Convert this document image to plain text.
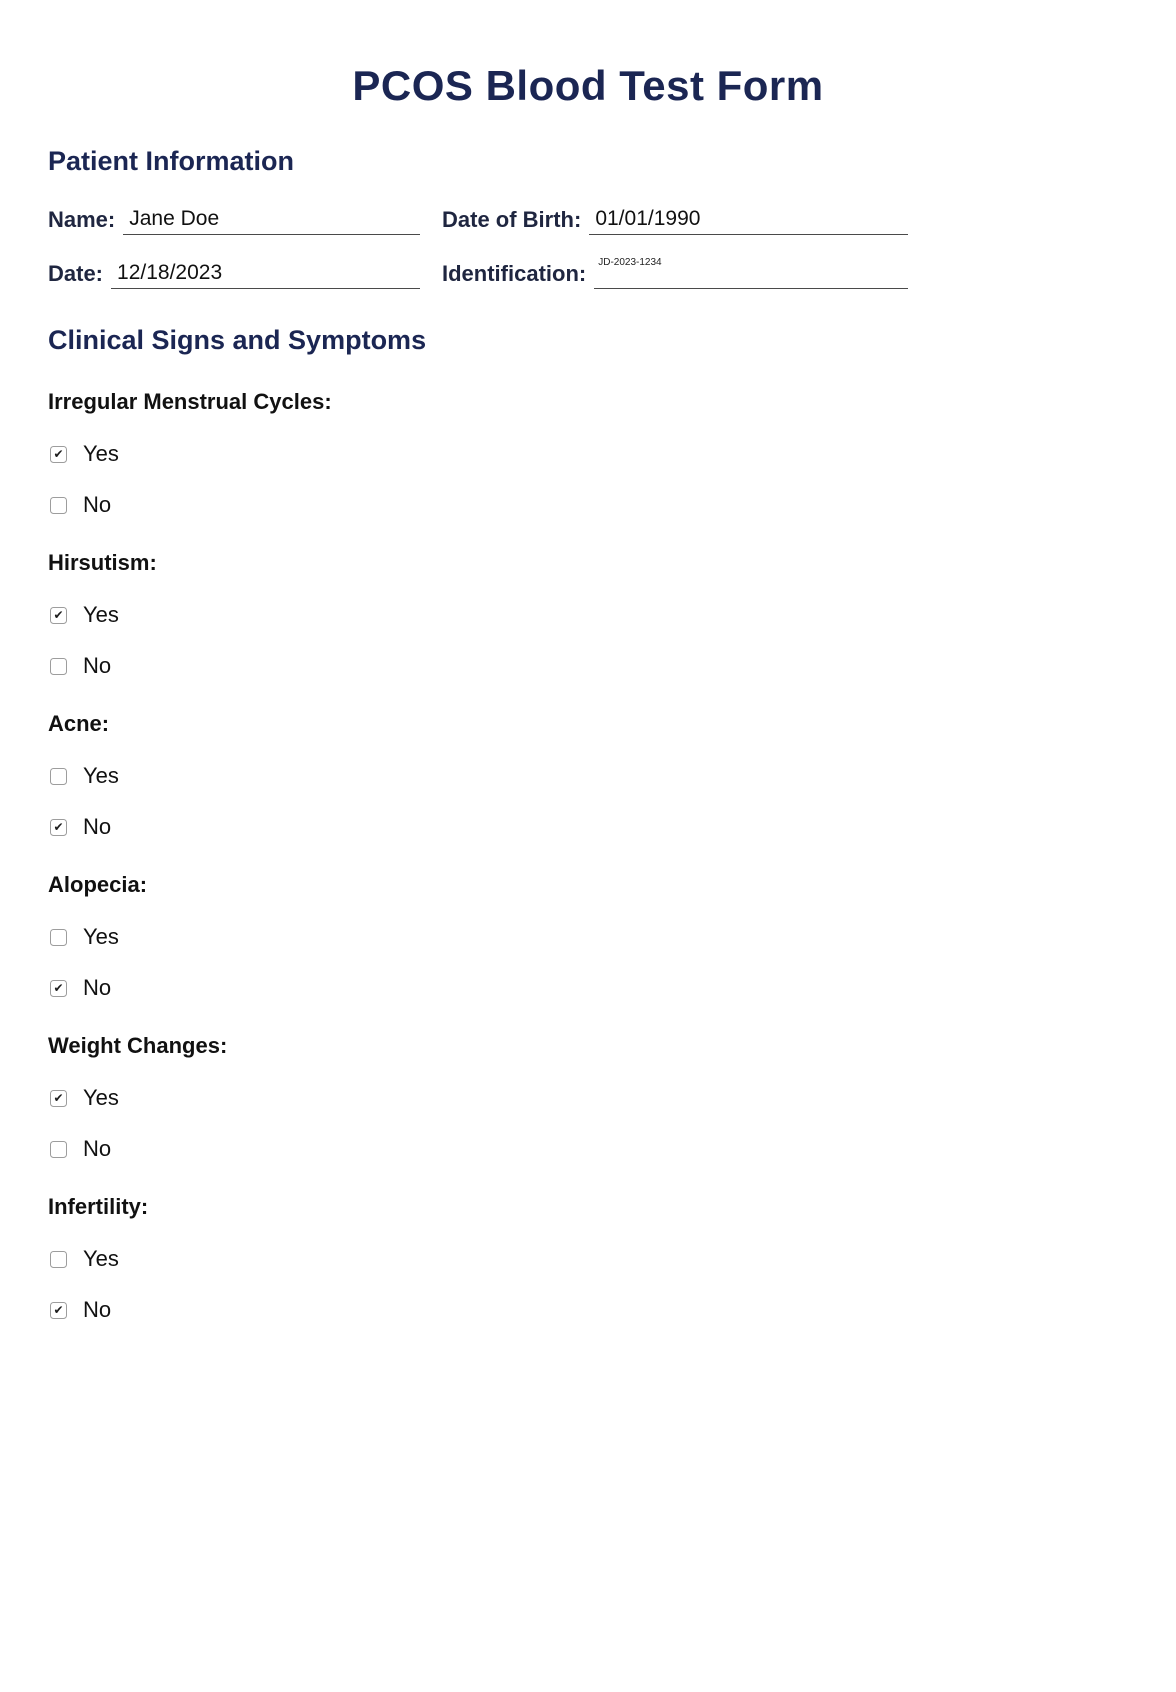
PCOS Blood Test Form
Patient Information
Name: Jane Doe	Date of Birth: 01/01/1990
Date: 12/18/2023	Identification: JD-2023-1234
Clinical Signs and Symptoms
Irregular Menstrual Cycles:
✔ Yes
No
Hirsutism:
✔ Yes
No
Acne:
Yes
✔ No
Alopecia:
Yes
✔ No
Weight Changes:
✔ Yes
No
Infertility:
Yes
✔ No
